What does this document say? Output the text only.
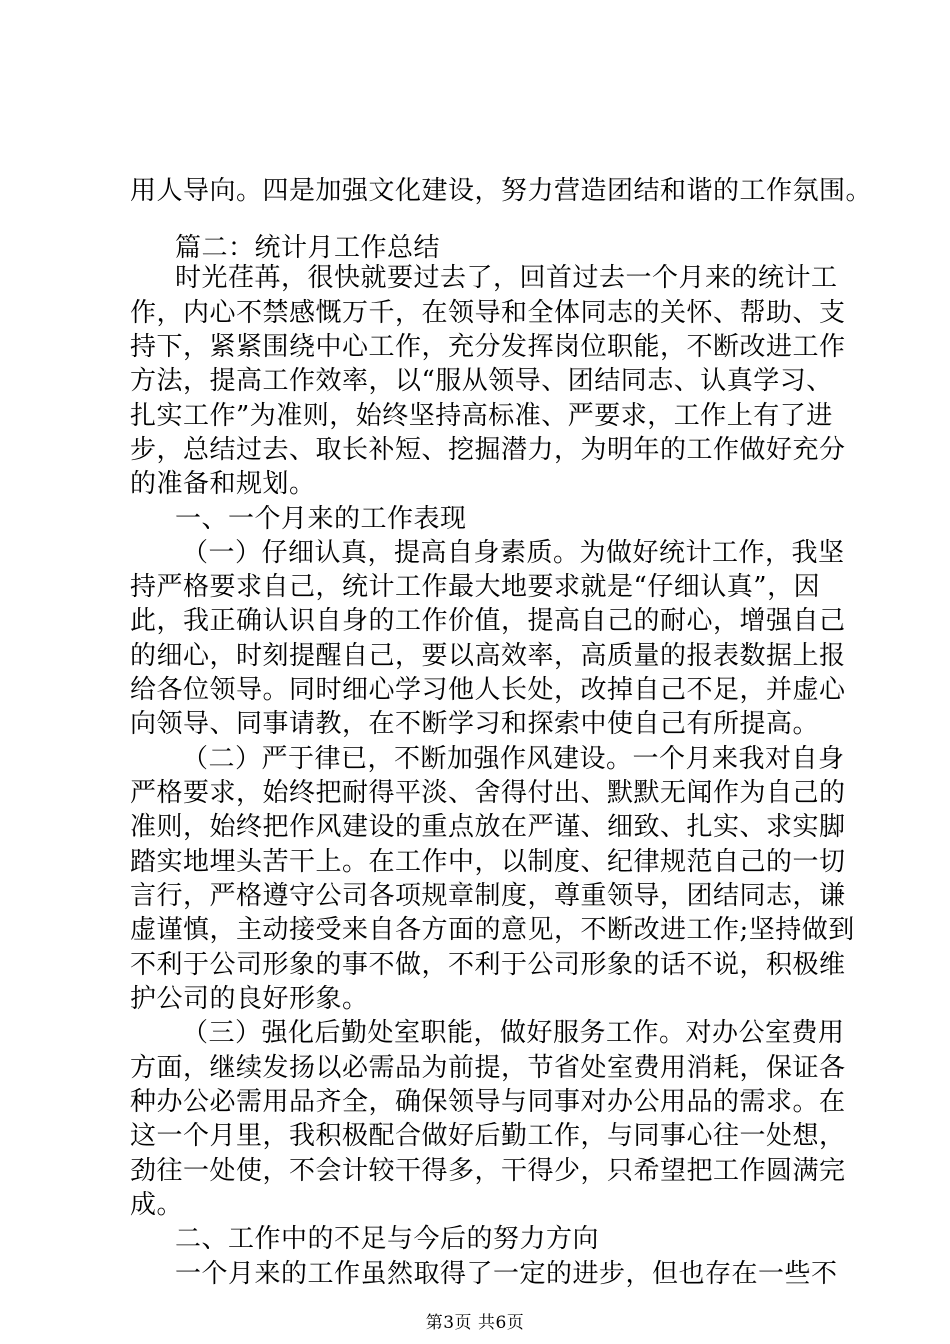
用人导向。四是加强文化建设，努力营造团结和谐的工作氛围。
篇二：统计月工作总结
时光荏苒，很快就要过去了，回首过去一个月来的统计工
作，内心不禁感慨万千，在领导和全体同志的关怀、帮助、支
持下，紧紧围绕中心工作，充分发挥岗位职能，不断改进工作
方法，提高工作效率，以“服从领导、团结同志、认真学习、
扎实工作”为准则，始终坚持高标准、严要求，工作上有了进
步，总结过去、取长补短、挖掘潜力，为明年的工作做好充分
的准备和规划。
一、一个月来的工作表现
（一）仔细认真，提高自身素质。为做好统计工作，我坚
持严格要求自己，统计工作最大地要求就是“仔细认真”，因
此，我正确认识自身的工作价值，提高自己的耐心，增强自己
的细心，时刻提醒自己，要以高效率，高质量的报表数据上报
给各位领导。同时细心学习他人长处，改掉自己不足，并虚心
向领导、同事请教，在不断学习和探索中使自己有所提高。
（二）严于律已，不断加强作风建设。一个月来我对自身
严格要求，始终把耐得平淡、舍得付出、默默无闻作为自己的
准则，始终把作风建设的重点放在严谨、细致、扎实、求实脚
踏实地埋头苦干上。在工作中，以制度、纪律规范自己的一切
言行，严格遵守公司各项规章制度，尊重领导，团结同志，谦
虚谨慎，主动接受来自各方面的意见，不断改进工作;坚持做到
不利于公司形象的事不做，不利于公司形象的话不说，积极维
护公司的良好形象。
（三）强化后勤处室职能，做好服务工作。对办公室费用
方面，继续发扬以必需品为前提，节省处室费用消耗，保证各
种办公必需用品齐全，确保领导与同事对办公用品的需求。在
这一个月里，我积极配合做好后勤工作，与同事心往一处想，
劲往一处使，不会计较干得多，干得少，只希望把工作圆满完
成。
二、工作中的不足与今后的努力方向
一个月来的工作虽然取得了一定的进步，但也存在一些不
第3页 共6页
